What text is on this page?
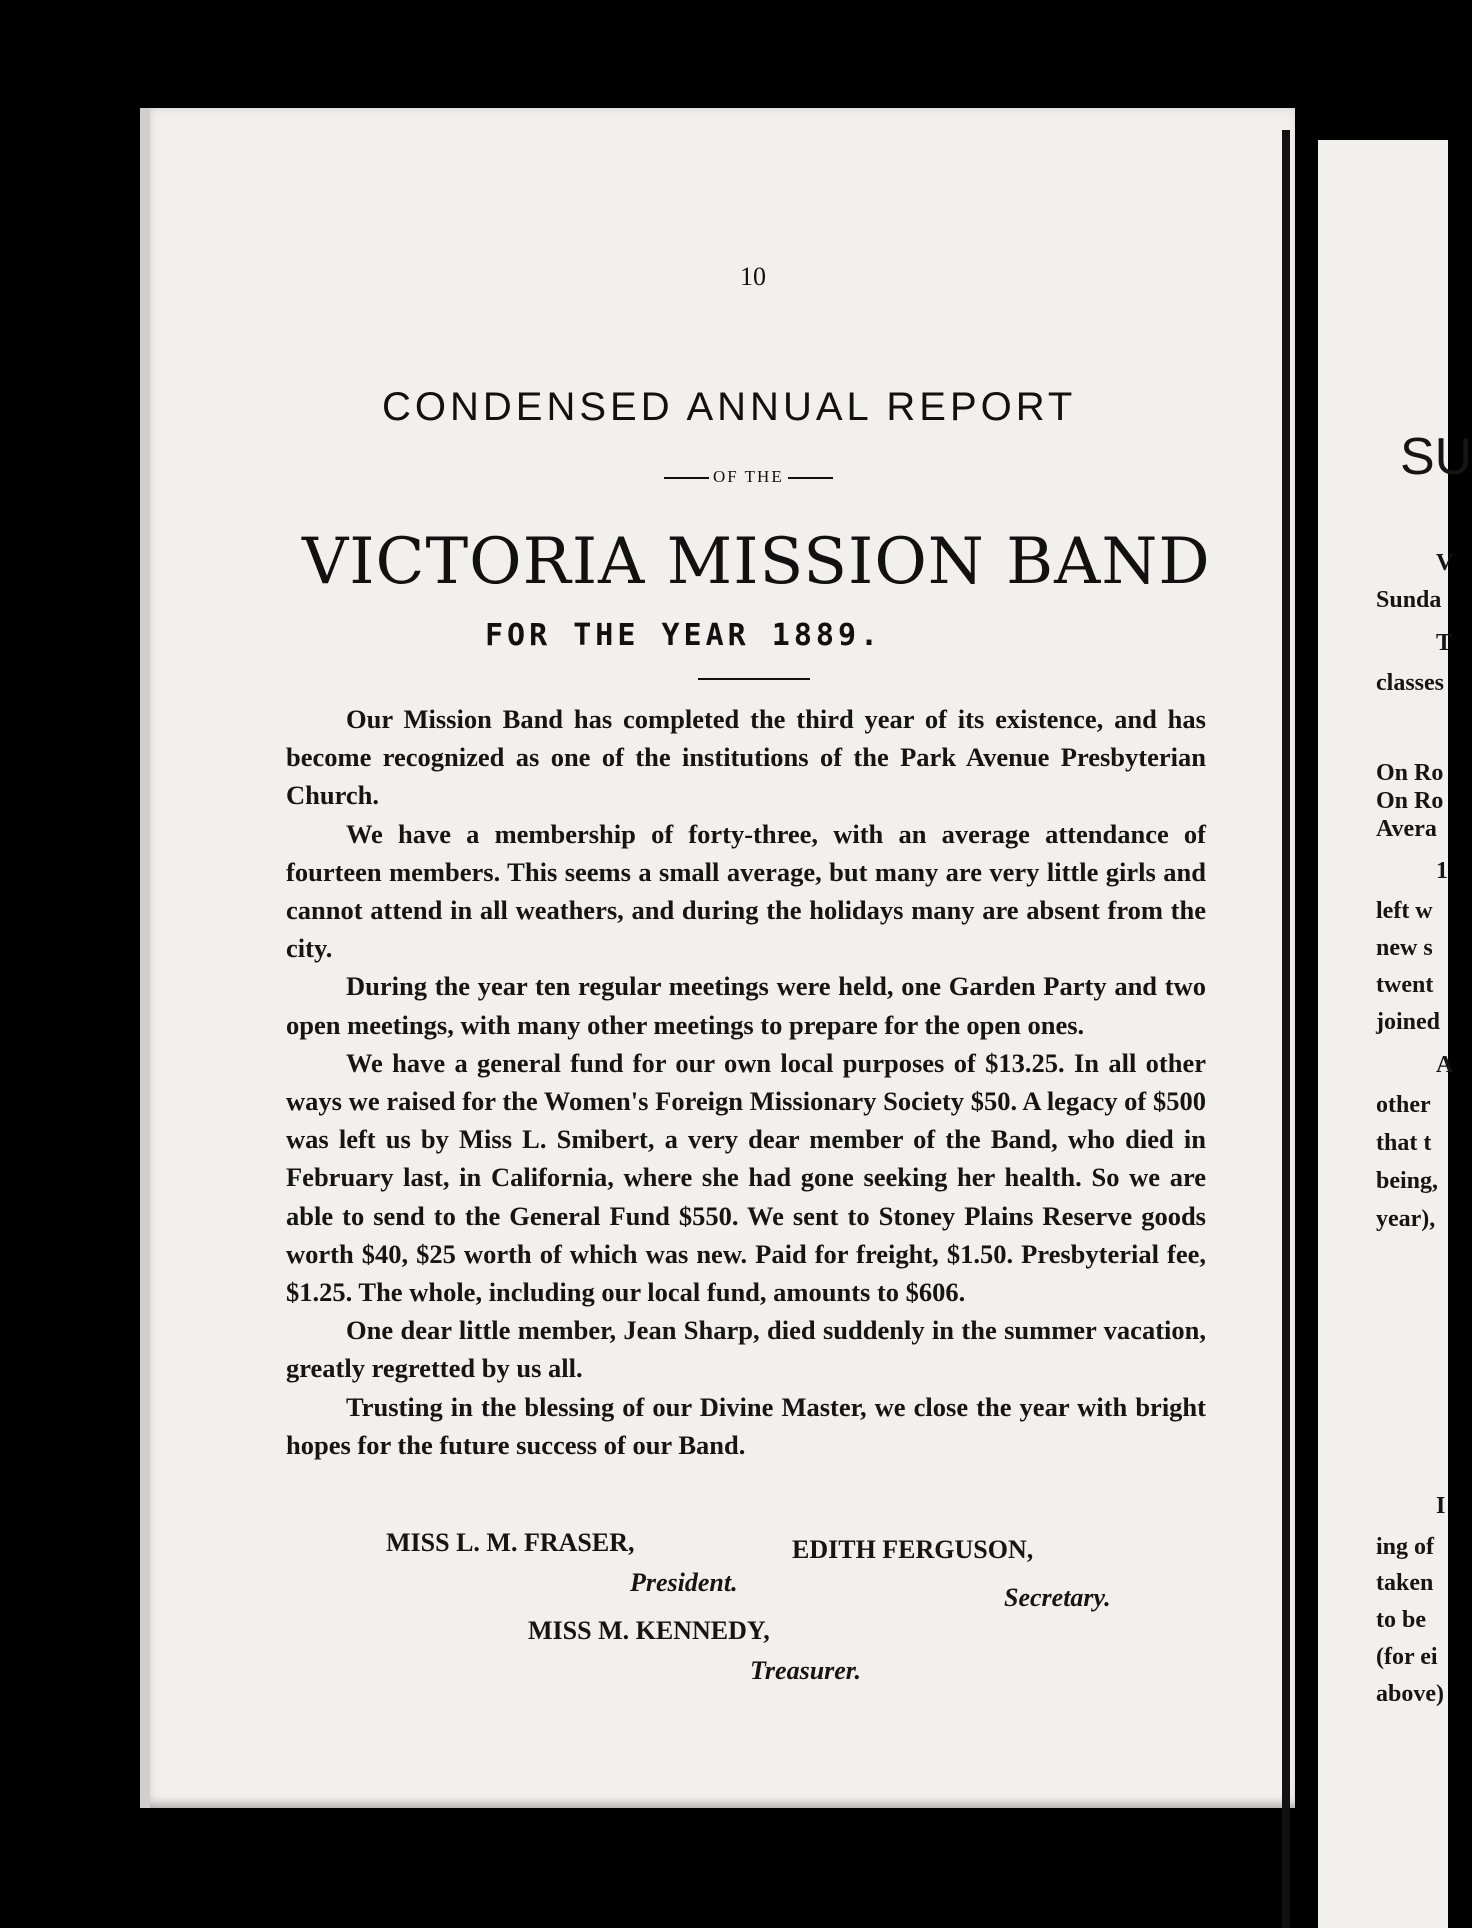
SU
V
Sunda
T
classes
On Ro
On Ro
Avera
1
left w
new s
twent
joined
A
other
that t
being,
year),
I
ing of
taken
to be
(for ei
above)
10
CONDENSED ANNUAL REPORT
OF THE
VICTORIA MISSION BAND
FOR THE YEAR 1889.

Our Mission Band has completed the third year of its existence, and has become recognized as one of the institutions of the Park Avenue Presbyterian Church.

We have a membership of forty-three, with an average attendance of fourteen members. This seems a small average, but many are very little girls and cannot attend in all weathers, and during the holidays many are absent from the city.

During the year ten regular meetings were held, one Garden Party and two open meetings, with many other meetings to prepare for the open ones.

We have a general fund for our own local purposes of $13.25. In all other ways we raised for the Women's Foreign Missionary Society $50. A legacy of $500 was left us by Miss L. Smibert, a very dear member of the Band, who died in February last, in California, where she had gone seeking her health. So we are able to send to the General Fund $550. We sent to Stoney Plains Reserve goods worth $40, $25 worth of which was new. Paid for freight, $1.50. Presbyterial fee, $1.25. The whole, including our local fund, amounts to $606.

One dear little member, Jean Sharp, died suddenly in the summer vacation, greatly regretted by us all.

Trusting in the blessing of our Divine Master, we close the year with bright hopes for the future success of our Band.

MISS L. M. FRASER,
President.
EDITH FERGUSON,
Secretary.
MISS M. KENNEDY,
Treasurer.
